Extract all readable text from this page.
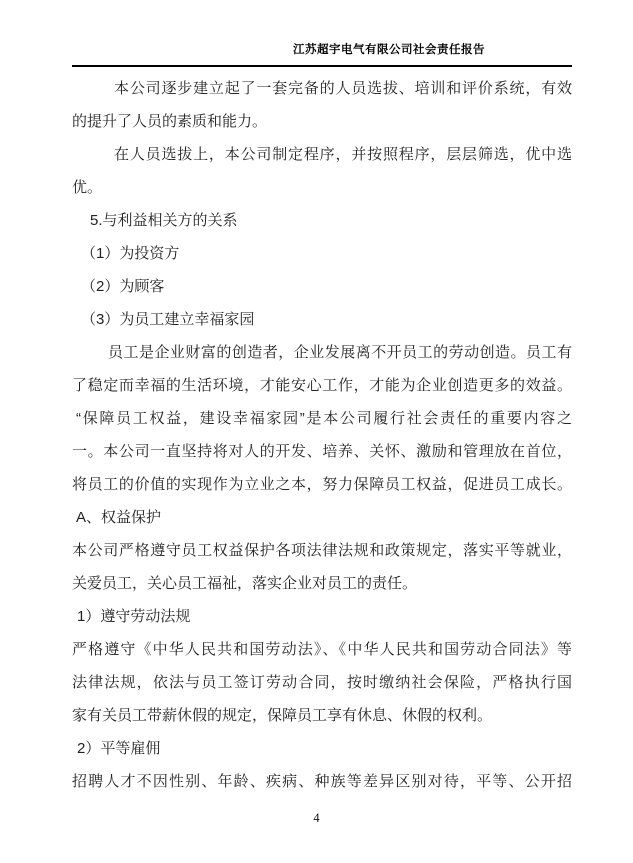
江苏超宇电气有限公司社会责任报告
本公司逐步建立起了一套完备的人员选拔、培训和评价系统，有效
的提升了人员的素质和能力。
在人员选拔上，本公司制定程序，并按照程序，层层筛选，优中选
优。
5.与利益相关方的关系
（1）为投资方
（2）为顾客
（3）为员工建立幸福家园
员工是企业财富的创造者，企业发展离不开员工的劳动创造。员工有
了稳定而幸福的生活环境，才能安心工作，才能为企业创造更多的效益。
“保障员工权益，建设幸福家园”是本公司履行社会责任的重要内容之
一。本公司一直坚持将对人的开发、培养、关怀、激励和管理放在首位，
将员工的价值的实现作为立业之本，努力保障员工权益，促进员工成长。
A、权益保护
本公司严格遵守员工权益保护各项法律法规和政策规定，落实平等就业，
关爱员工，关心员工福祉，落实企业对员工的责任。
1）遵守劳动法规
严格遵守《中华人民共和国劳动法》、《中华人民共和国劳动合同法》等
法律法规，依法与员工签订劳动合同，按时缴纳社会保险，严格执行国
家有关员工带薪休假的规定，保障员工享有休息、休假的权利。
2）平等雇佣
招聘人才不因性别、年龄、疾病、种族等差异区别对待，平等、公开招
4
